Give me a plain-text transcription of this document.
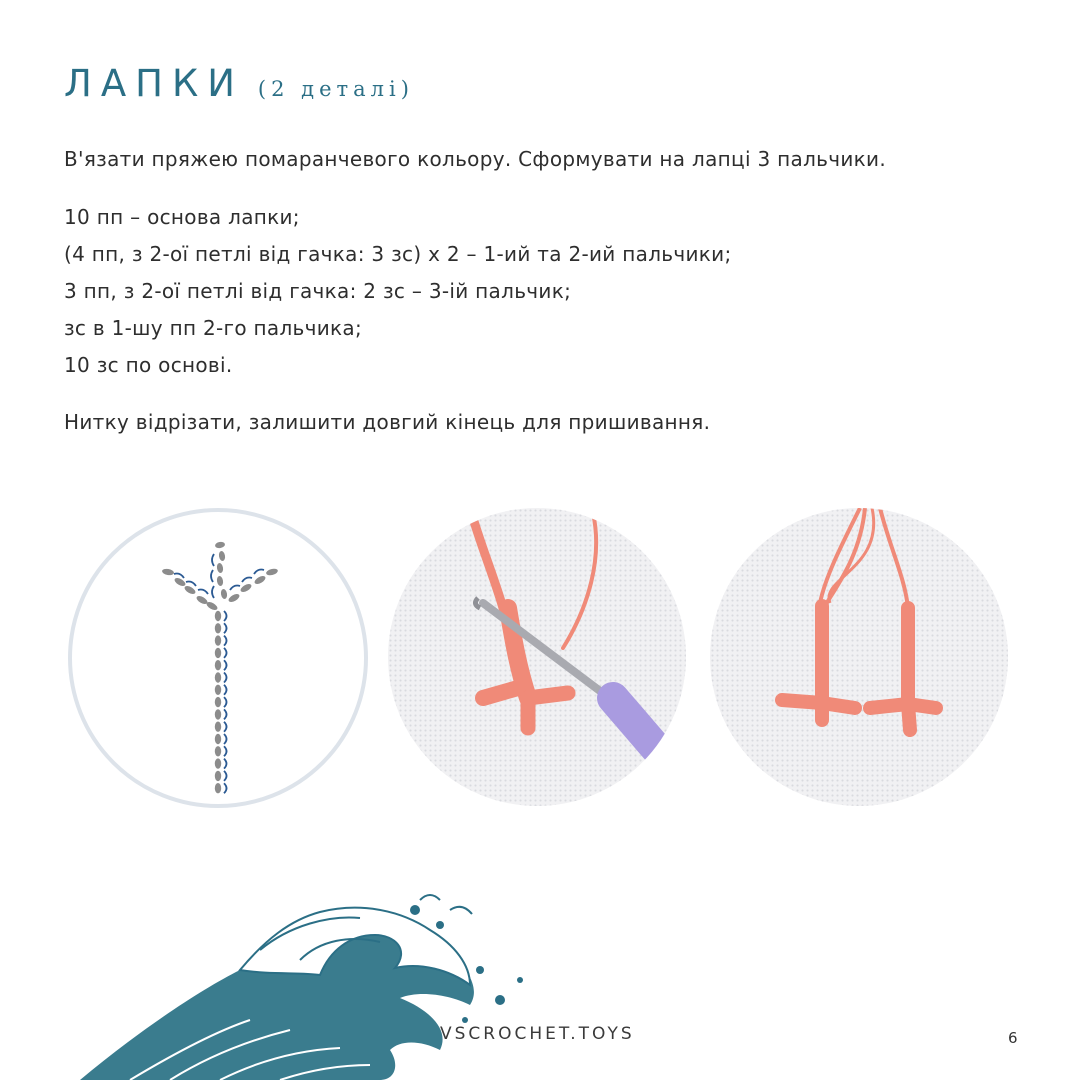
ЛАПКИ (2 деталі)
В'язати пряжею помаранчевого кольору. Сформувати на лапці 3 пальчики.
10 пп – основа лапки;
(4 пп, з 2-ої петлі від гачка: 3 зс) х 2 – 1-ий та 2-ий пальчики;
3 пп, з 2-ої петлі від гачка: 2 зс – 3-ій пальчик;
зс в 1-шу пп 2-го пальчика;
10 зс по основі.
Нитку відрізати, залишити довгий кінець для пришивання.
VSCROCHET.TOYS	6
